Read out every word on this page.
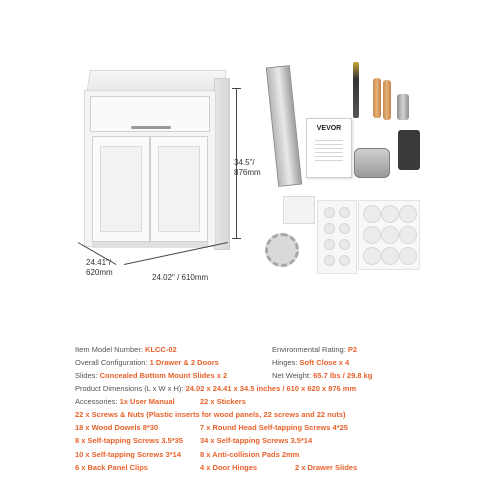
34.5"/
876mm
24.41"/
620mm
24.02" / 610mm
VEVOR
Item Model Number: KLCC-02	Environmental Rating: P2
Overall Configuration: 1 Drawer & 2 Doors	Hinges: Soft Close x 4
Slides: Concealed Bottom Mount Slides x 2	Net Weight: 65.7 lbs / 29.8 kg
Product Dimensions (L x W x H): 24.02 x 24.41 x 34.5 inches / 610 x 620 x 876 mm
Accessories: 1x User Manual	22 x Stickers
22 x Screws & Nuts (Plastic inserts for wood panels, 22 screws and 22 nuts)
18 x Wood Dowels 8*30	7 x Round Head Self-tapping Screws 4*25
8 x Self-tapping Screws 3.5*35 34 x Self-tapping Screws 3.5*14
10 x Self-tapping Screws 3*14	8 x Anti-collision Pads 2mm
6 x Back Panel Clips	4 x Door Hinges	2 x Drawer Slides
